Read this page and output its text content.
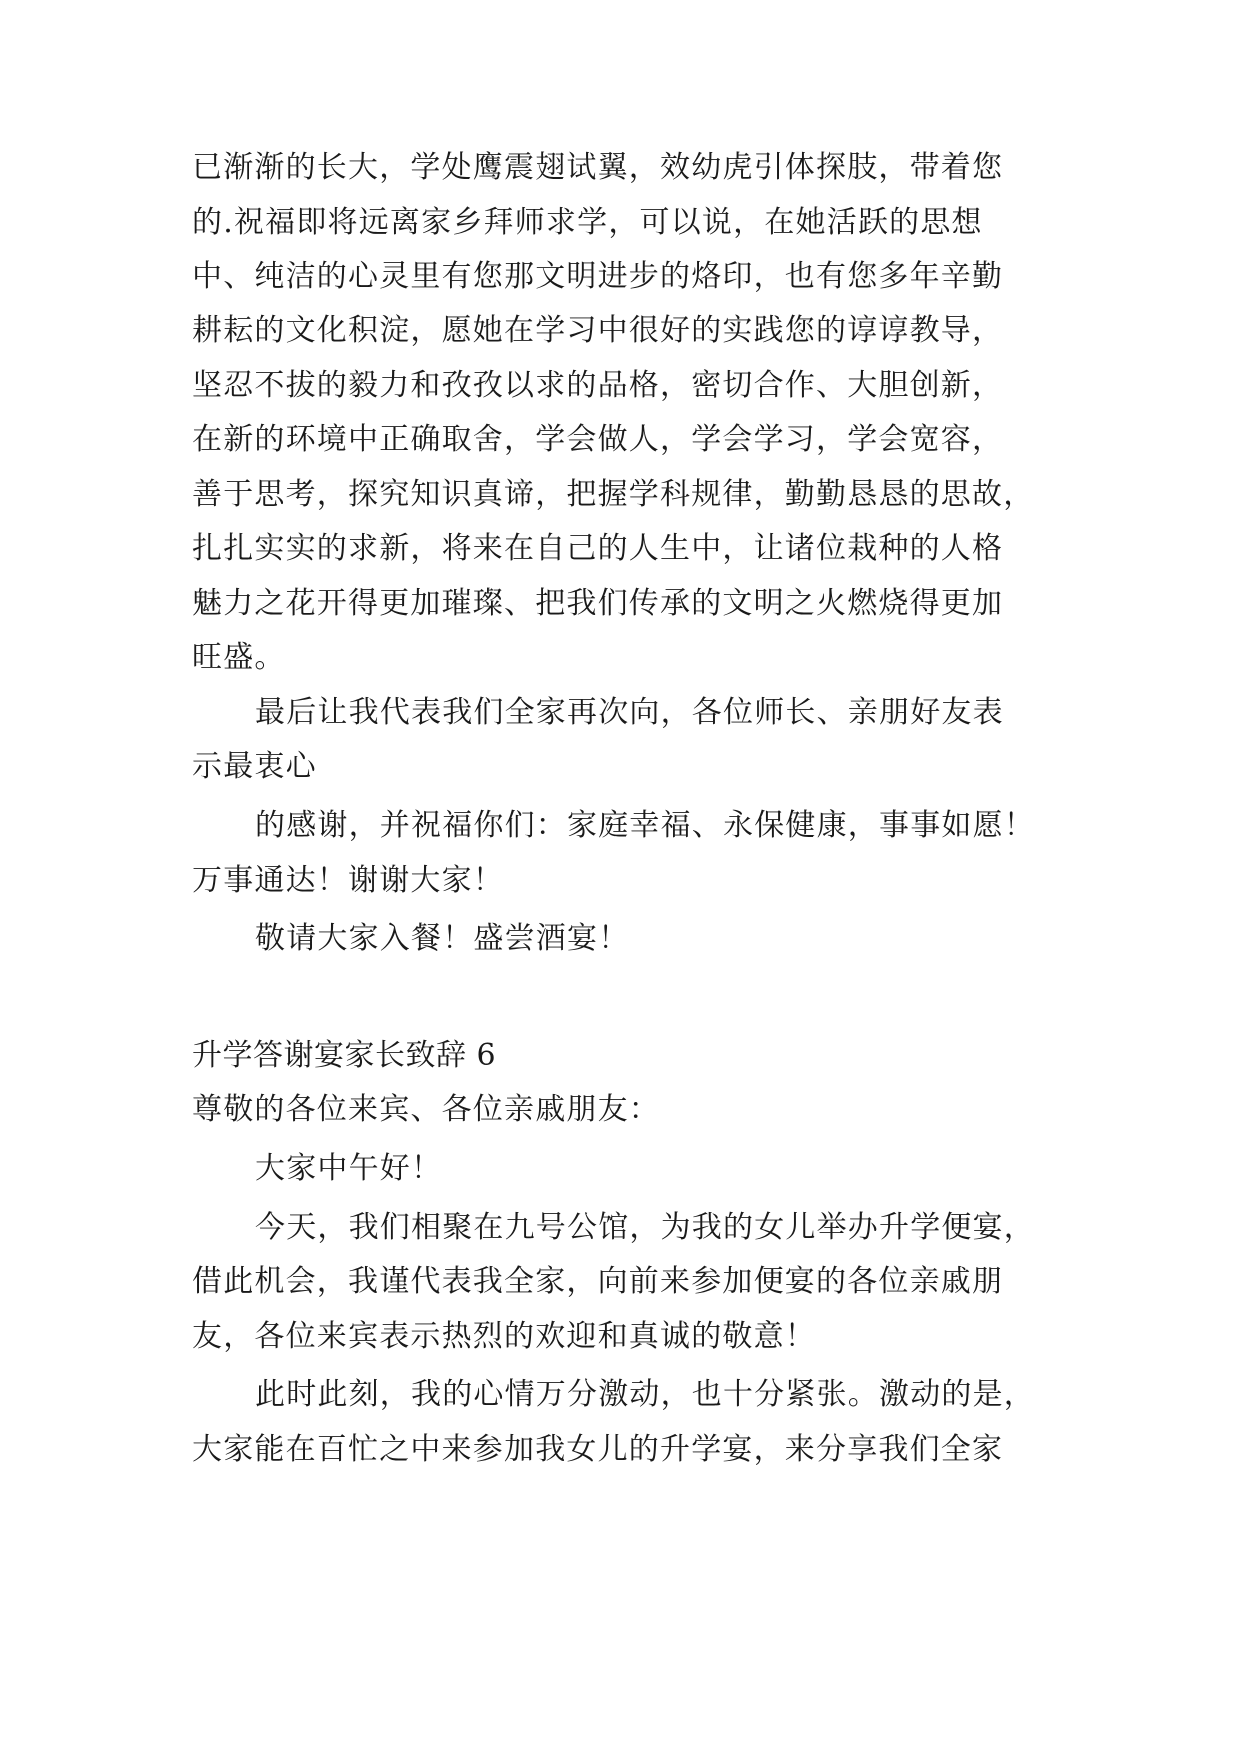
已渐渐的长大，学处鹰震翅试翼，效幼虎引体探肢，带着您
的.祝福即将远离家乡拜师求学，可以说，在她活跃的思想
中、纯洁的心灵里有您那文明进步的烙印，也有您多年辛勤
耕耘的文化积淀，愿她在学习中很好的实践您的谆谆教导，
坚忍不拔的毅力和孜孜以求的品格，密切合作、大胆创新，
在新的环境中正确取舍，学会做人，学会学习，学会宽容，
善于思考，探究知识真谛，把握学科规律，勤勤恳恳的思故，
扎扎实实的求新，将来在自己的人生中，让诸位栽种的人格
魅力之花开得更加璀璨、把我们传承的文明之火燃烧得更加
旺盛。
最后让我代表我们全家再次向，各位师长、亲朋好友表
示最衷心
的感谢，并祝福你们：家庭幸福、永保健康，事事如愿！
万事通达！谢谢大家！
敬请大家入餐！盛尝酒宴！
升学答谢宴家长致辞 6
尊敬的各位来宾、各位亲戚朋友：
大家中午好！
今天，我们相聚在九号公馆，为我的女儿举办升学便宴，
借此机会，我谨代表我全家，向前来参加便宴的各位亲戚朋
友，各位来宾表示热烈的欢迎和真诚的敬意！
此时此刻，我的心情万分激动，也十分紧张。激动的是，
大家能在百忙之中来参加我女儿的升学宴，来分享我们全家
